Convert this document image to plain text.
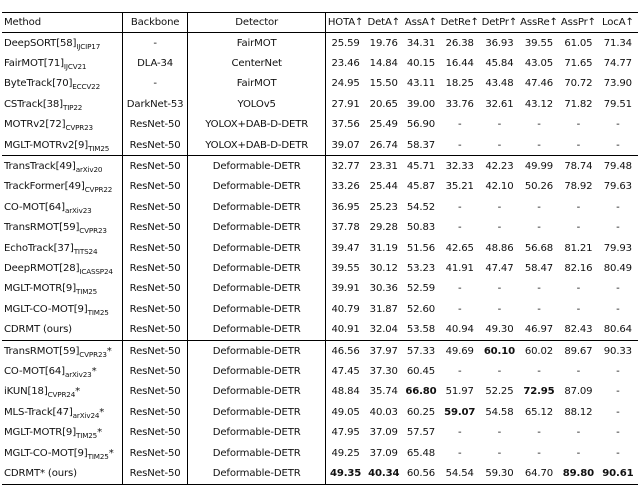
Method	Backbone	Detector	HOTA↑	DetA↑	AssA↑	DetRe↑	DetPr↑	AssRe↑	AssPr↑	LocA↑
$DeepSORT[58]_{IJCIP17}$	-	FairMOT	25.59	19.76	34.31	26.38	36.93	39.55	61.05	71.34
$FairMOT[71]_{IJCV21}$	DLA-34	CenterNet	23.46	14.84	40.15	16.44	45.84	43.05	71.65	74.77
$ByteTrack[70]_{ECCV22}$	-	FairMOT	24.95	15.50	43.11	18.25	43.48	47.46	70.72	73.90
$CSTrack[38]_{TIP22}$	DarkNet-53	YOLOv5	27.91	20.65	39.00	33.76	32.61	43.12	71.82	79.51
$MOTRv2[72]_{CVPR23}$	ResNet-50	YOLOX+DAB-D-DETR	37.56	25.49	56.90	-	-	-	-	-
MGLT-$MOTRv2[9]_{TIM25}$	ResNet-50	YOLOX+DAB-D-DETR	39.07	26.74	58.37	-	-	-	-	-
$TransTrack[49]_{arXiv20}$	ResNet-50	Deformable-DETR	32.77	23.31	45.71	32.33	42.23	49.99	78.74	79.48
$TrackFormer[49]_{CVPR22}$	ResNet-50	Deformable-DETR	33.26	25.44	45.87	35.21	42.10	50.26	78.92	79.63
$CO-MOT[64]_{arXiv23}$	ResNet-50	Deformable-DETR	36.95	25.23	54.52	-	-	-	-	-
$TransRMOT[59]_{CVPR23}$	ResNet-50	Deformable-DETR	37.78	29.28	50.83	-	-	-	-	-
$EchoTrack[37]_{TITS24}$	ResNet-50	Deformable-DETR	39.47	31.19	51.56	42.65	48.86	56.68	81.21	79.93
$DeepRMOT[28]_{ICASSP24}$	ResNet-50	Deformable-DETR	39.55	30.12	53.23	41.91	47.47	58.47	82.16	80.49
MGLT-$MOTR[9]_{TIM25}$	ResNet-50	Deformable-DETR	39.91	30.36	52.59	-	-	-	-	-
MGLT-$CO-MOT[9]_{TIM25}$	ResNet-50	Deformable-DETR	40.79	31.87	52.60	-	-	-	-	-
CDRMT (ours)	ResNet-50	Deformable-DETR	40.91	32.04	53.58	40.94	49.30	46.97	82.43	80.64
$TransRMOT[59]_{CVPR23}*$	ResNet-50	Deformable-DETR	46.56	37.97	57.33	49.69	60.10	60.02	89.67	90.33
$CO-MOT[64]_{arXiv23}*$	ResNet-50	Deformable-DETR	47.45	37.30	60.45	-	-	-	-	-
$iKUN[18]_{CVPR24}*$	ResNet-50	Deformable-DETR	48.84	35.74	66.80	51.97	52.25	72.95	87.09	-
MLS-$Track[47]_{arXiv24}*$	ResNet-50	Deformable-DETR	49.05	40.03	60.25	59.07	54.58	65.12	88.12	-
MGLT-$MOTR[9]_{TIM25}*$	ResNet-50	Deformable-DETR	47.95	37.09	57.57	-	-	-	-	-
MGLT-$CO-MOT[9]_{TIM25}*$	ResNet-50	Deformable-DETR	49.25	37.09	65.48	-	-	-	-	-
CDRMT* (ours)	ResNet-50	Deformable-DETR	49.35	40.34	60.56	54.54	59.30	64.70	89.80	90.61
